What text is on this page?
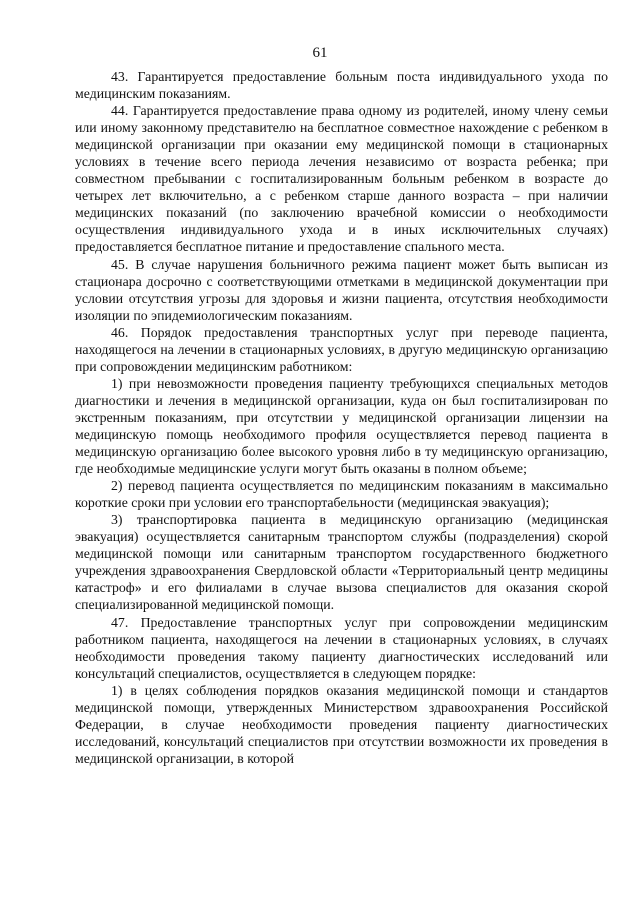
61

43. Гарантируется предоставление больным поста индивидуального ухода по медицинским показаниям.

44. Гарантируется предоставление права одному из родителей, иному члену семьи или иному законному представителю на бесплатное совместное нахождение с ребенком в медицинской организации при оказании ему медицинской помощи в стационарных условиях в течение всего периода лечения независимо от возраста ребенка; при совместном пребывании с госпитализированным больным ребенком в возрасте до четырех лет включительно, а с ребенком старше данного возраста – при наличии медицинских показаний (по заключению врачебной комиссии о необходимости осуществления индивидуального ухода и в иных исключительных случаях) предоставляется бесплатное питание и предоставление спального места.

45. В случае нарушения больничного режима пациент может быть выписан из стационара досрочно с соответствующими отметками в медицинской документации при условии отсутствия угрозы для здоровья и жизни пациента, отсутствия необходимости изоляции по эпидемиологическим показаниям.

46. Порядок предоставления транспортных услуг при переводе пациента, находящегося на лечении в стационарных условиях, в другую медицинскую организацию при сопровождении медицинским работником:

1) при невозможности проведения пациенту требующихся специальных методов диагностики и лечения в медицинской организации, куда он был госпитализирован по экстренным показаниям, при отсутствии у медицинской организации лицензии на медицинскую помощь необходимого профиля осуществляется перевод пациента в медицинскую организацию более высокого уровня либо в ту медицинскую организацию, где необходимые медицинские услуги могут быть оказаны в полном объеме;

2) перевод пациента осуществляется по медицинским показаниям в максимально короткие сроки при условии его транспортабельности (медицинская эвакуация);

3) транспортировка пациента в медицинскую организацию (медицинская эвакуация) осуществляется санитарным транспортом службы (подразделения) скорой медицинской помощи или санитарным транспортом государственного бюджетного учреждения здравоохранения Свердловской области «Территориальный центр медицины катастроф» и его филиалами в случае вызова специалистов для оказания скорой специализированной медицинской помощи.

47. Предоставление транспортных услуг при сопровождении медицинским работником пациента, находящегося на лечении в стационарных условиях, в случаях необходимости проведения такому пациенту диагностических исследований или консультаций специалистов, осуществляется в следующем порядке:

1) в целях соблюдения порядков оказания медицинской помощи и стандартов медицинской помощи, утвержденных Министерством здравоохранения Российской Федерации, в случае необходимости проведения пациенту диагностических исследований, консультаций специалистов при отсутствии возможности их проведения в медицинской организации, в которой
